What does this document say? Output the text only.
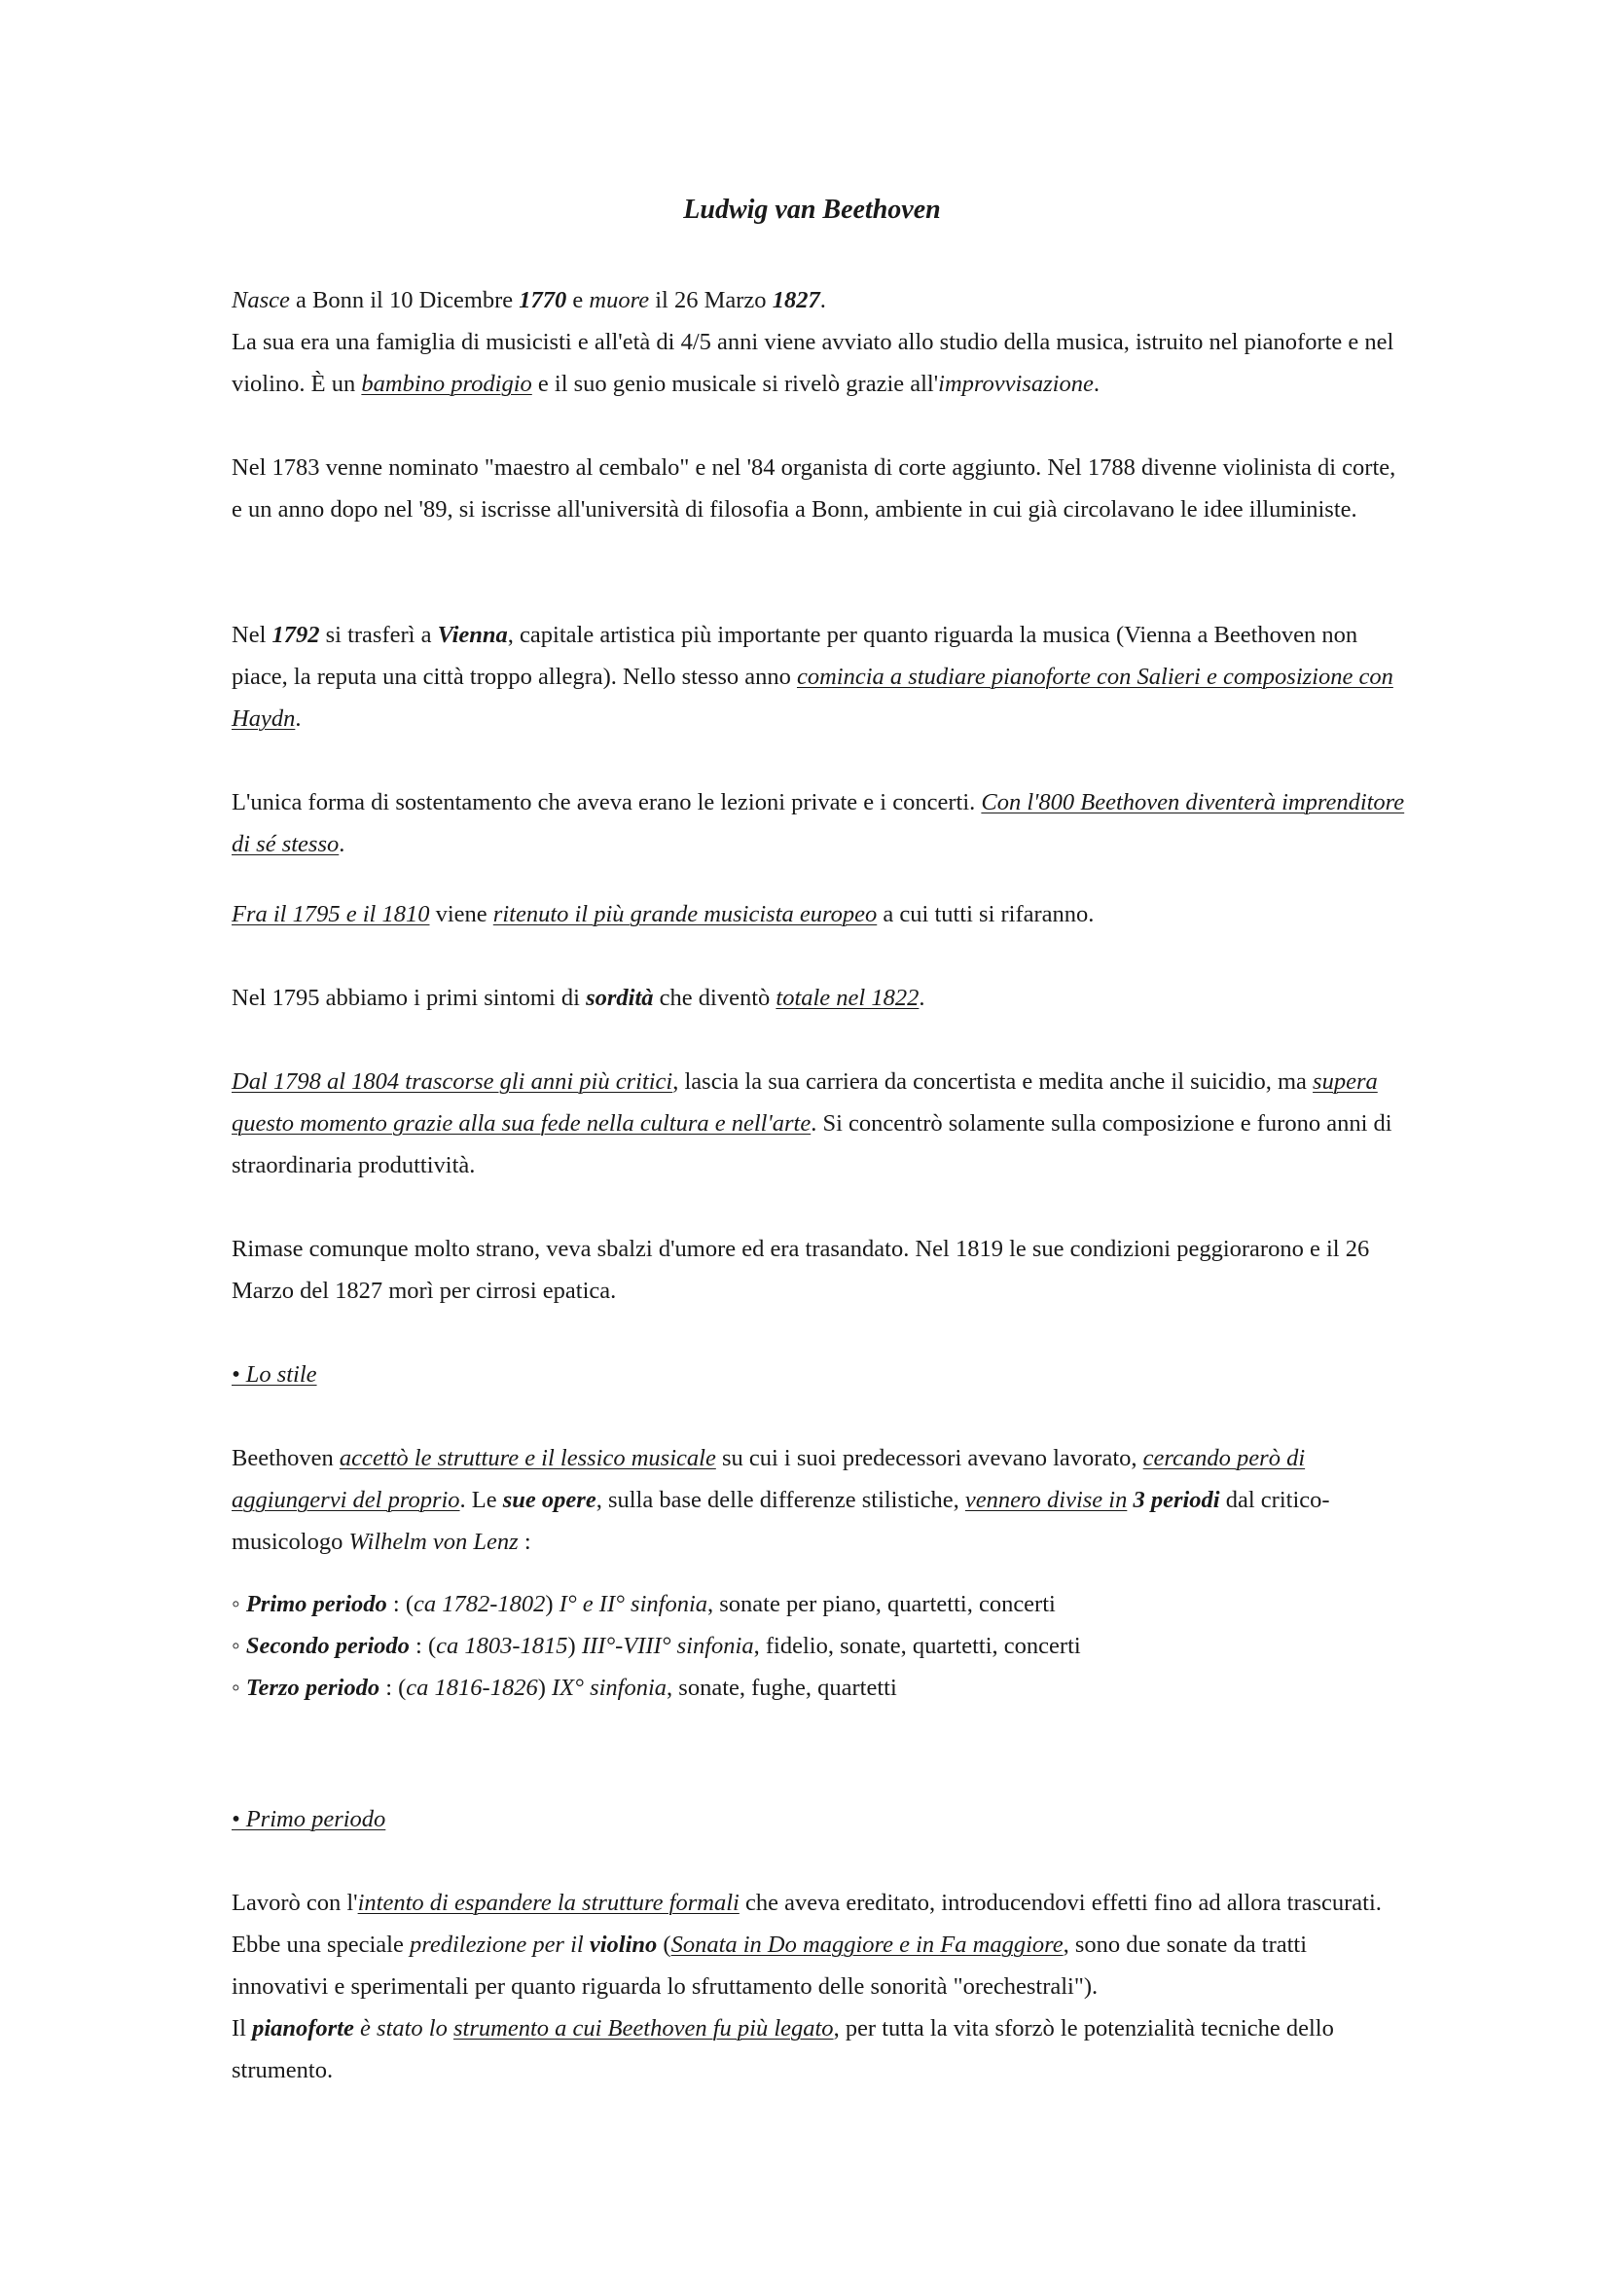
Ludwig van Beethoven

Nasce a Bonn il 10 Dicembre 1770 e muore il 26 Marzo 1827.

La sua era una famiglia di musicisti e all'età di 4/5 anni viene avviato allo studio della musica, istruito nel pianoforte e nel violino. È un bambino prodigio e il suo genio musicale si rivelò grazie all'improvvisazione.

Nel 1783 venne nominato "maestro al cembalo" e nel '84 organista di corte aggiunto. Nel 1788 divenne violinista di corte, e un anno dopo nel '89, si iscrisse all'università di filosofia a Bonn, ambiente in cui già circolavano le idee illuministe.
Nel 1792 si trasferì a Vienna, capitale artistica più importante per quanto riguarda la musica (Vienna a Beethoven non piace, la reputa una città troppo allegra). Nello stesso anno comincia a studiare pianoforte con Salieri e composizione con Haydn.
L'unica forma di sostentamento che aveva erano le lezioni private e i concerti. Con l'800 Beethoven diventerà imprenditore di sé stesso.
Fra il 1795 e il 1810 viene ritenuto il più grande musicista europeo a cui tutti si rifaranno.
Nel 1795 abbiamo i primi sintomi di sordità che diventò totale nel 1822.
Dal 1798 al 1804 trascorse gli anni più critici, lascia la sua carriera da concertista e medita anche il suicidio, ma supera questo momento grazie alla sua fede nella cultura e nell'arte. Si concentrò solamente sulla composizione e furono anni di straordinaria produttività.
Rimase comunque molto strano, veva sbalzi d'umore ed era trasandato. Nel 1819 le sue condizioni peggiorarono e il 26 Marzo del 1827 morì per cirrosi epatica.
• Lo stile
Beethoven accettò le strutture e il lessico musicale su cui i suoi predecessori avevano lavorato, cercando però di aggiungervi del proprio. Le sue opere, sulla base delle differenze stilistiche, vennero divise in 3 periodi dal critico-musicologo Wilhelm von Lenz :

◦ Primo periodo : (ca 1782-1802) I° e II° sinfonia, sonate per piano, quartetti, concerti

◦ Secondo periodo : (ca 1803-1815) III°-VIII° sinfonia, fidelio, sonate, quartetti, concerti

◦ Terzo periodo : (ca 1816-1826) IX° sinfonia, sonate, fughe, quartetti

• Primo periodo

Lavorò con l'intento di espandere la strutture formali che aveva ereditato, introducendovi effetti fino ad allora trascurati.

Ebbe una speciale predilezione per il violino (Sonata in Do maggiore e in Fa maggiore, sono due sonate da tratti innovativi e sperimentali per quanto riguarda lo sfruttamento delle sonorità "orechestrali").

Il pianoforte è stato lo strumento a cui Beethoven fu più legato, per tutta la vita sforzò le potenzialità tecniche dello strumento.
